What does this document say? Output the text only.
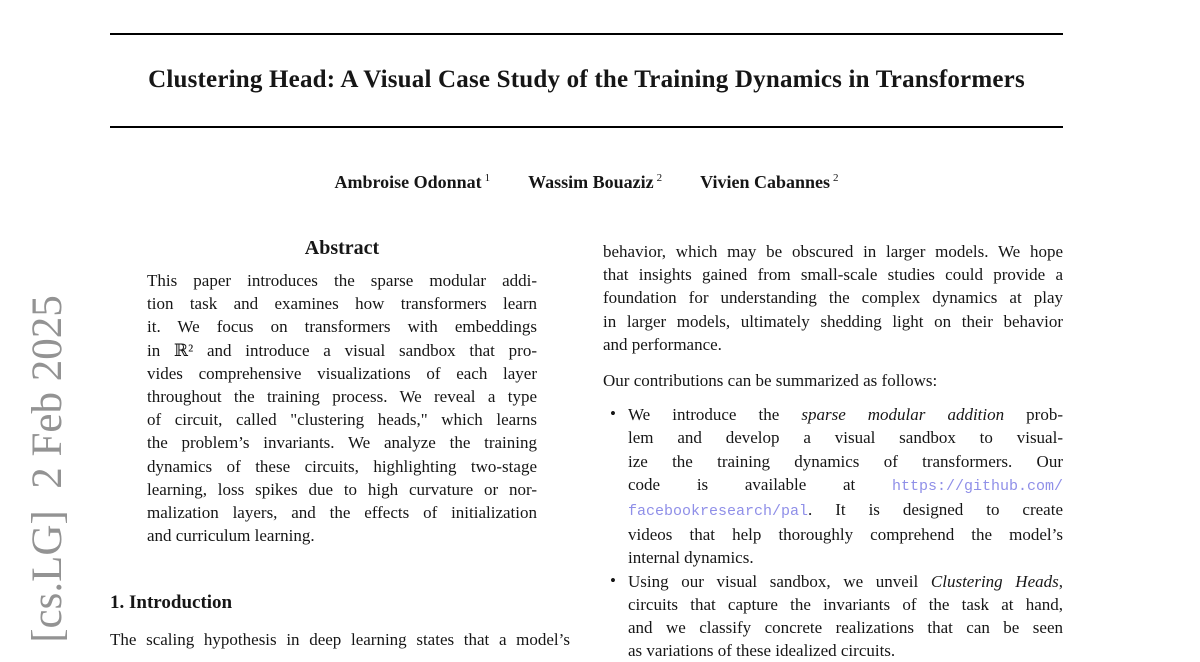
[cs.LG]  2 Feb 2025
Clustering Head: A Visual Case Study of the Training Dynamics in Transformers
Ambroise Odonnat $^1$ Wassim Bouaziz $^2$ Vivien Cabannes $^2$
Abstract
This paper introduces the sparse modular addi-
tion task and examines how transformers learn
it. We focus on transformers with embeddings
in ℝ² and introduce a visual sandbox that pro-
vides comprehensive visualizations of each layer
throughout the training process. We reveal a type
of circuit, called "clustering heads," which learns
the problem’s invariants. We analyze the training
dynamics of these circuits, highlighting two-stage
learning, loss spikes due to high curvature or nor-
malization layers, and the effects of initialization
and curriculum learning.
1. Introduction
The scaling hypothesis in deep learning states that a model’s
behavior, which may be obscured in larger models. We hope
that insights gained from small-scale studies could provide a
foundation for understanding the complex dynamics at play
in larger models, ultimately shedding light on their behavior
and performance.
Our contributions can be summarized as follows:
• We introduce the sparse modular addition prob-
lem and develop a visual sandbox to visual-
ize the training dynamics of transformers. Our
code is available at https://github.com/
facebookresearch/pal. It is designed to create
videos that help thoroughly comprehend the model’s
internal dynamics.
• Using our visual sandbox, we unveil Clustering Heads,
circuits that capture the invariants of the task at hand,
and we classify concrete realizations that can be seen
as variations of these idealized circuits.
